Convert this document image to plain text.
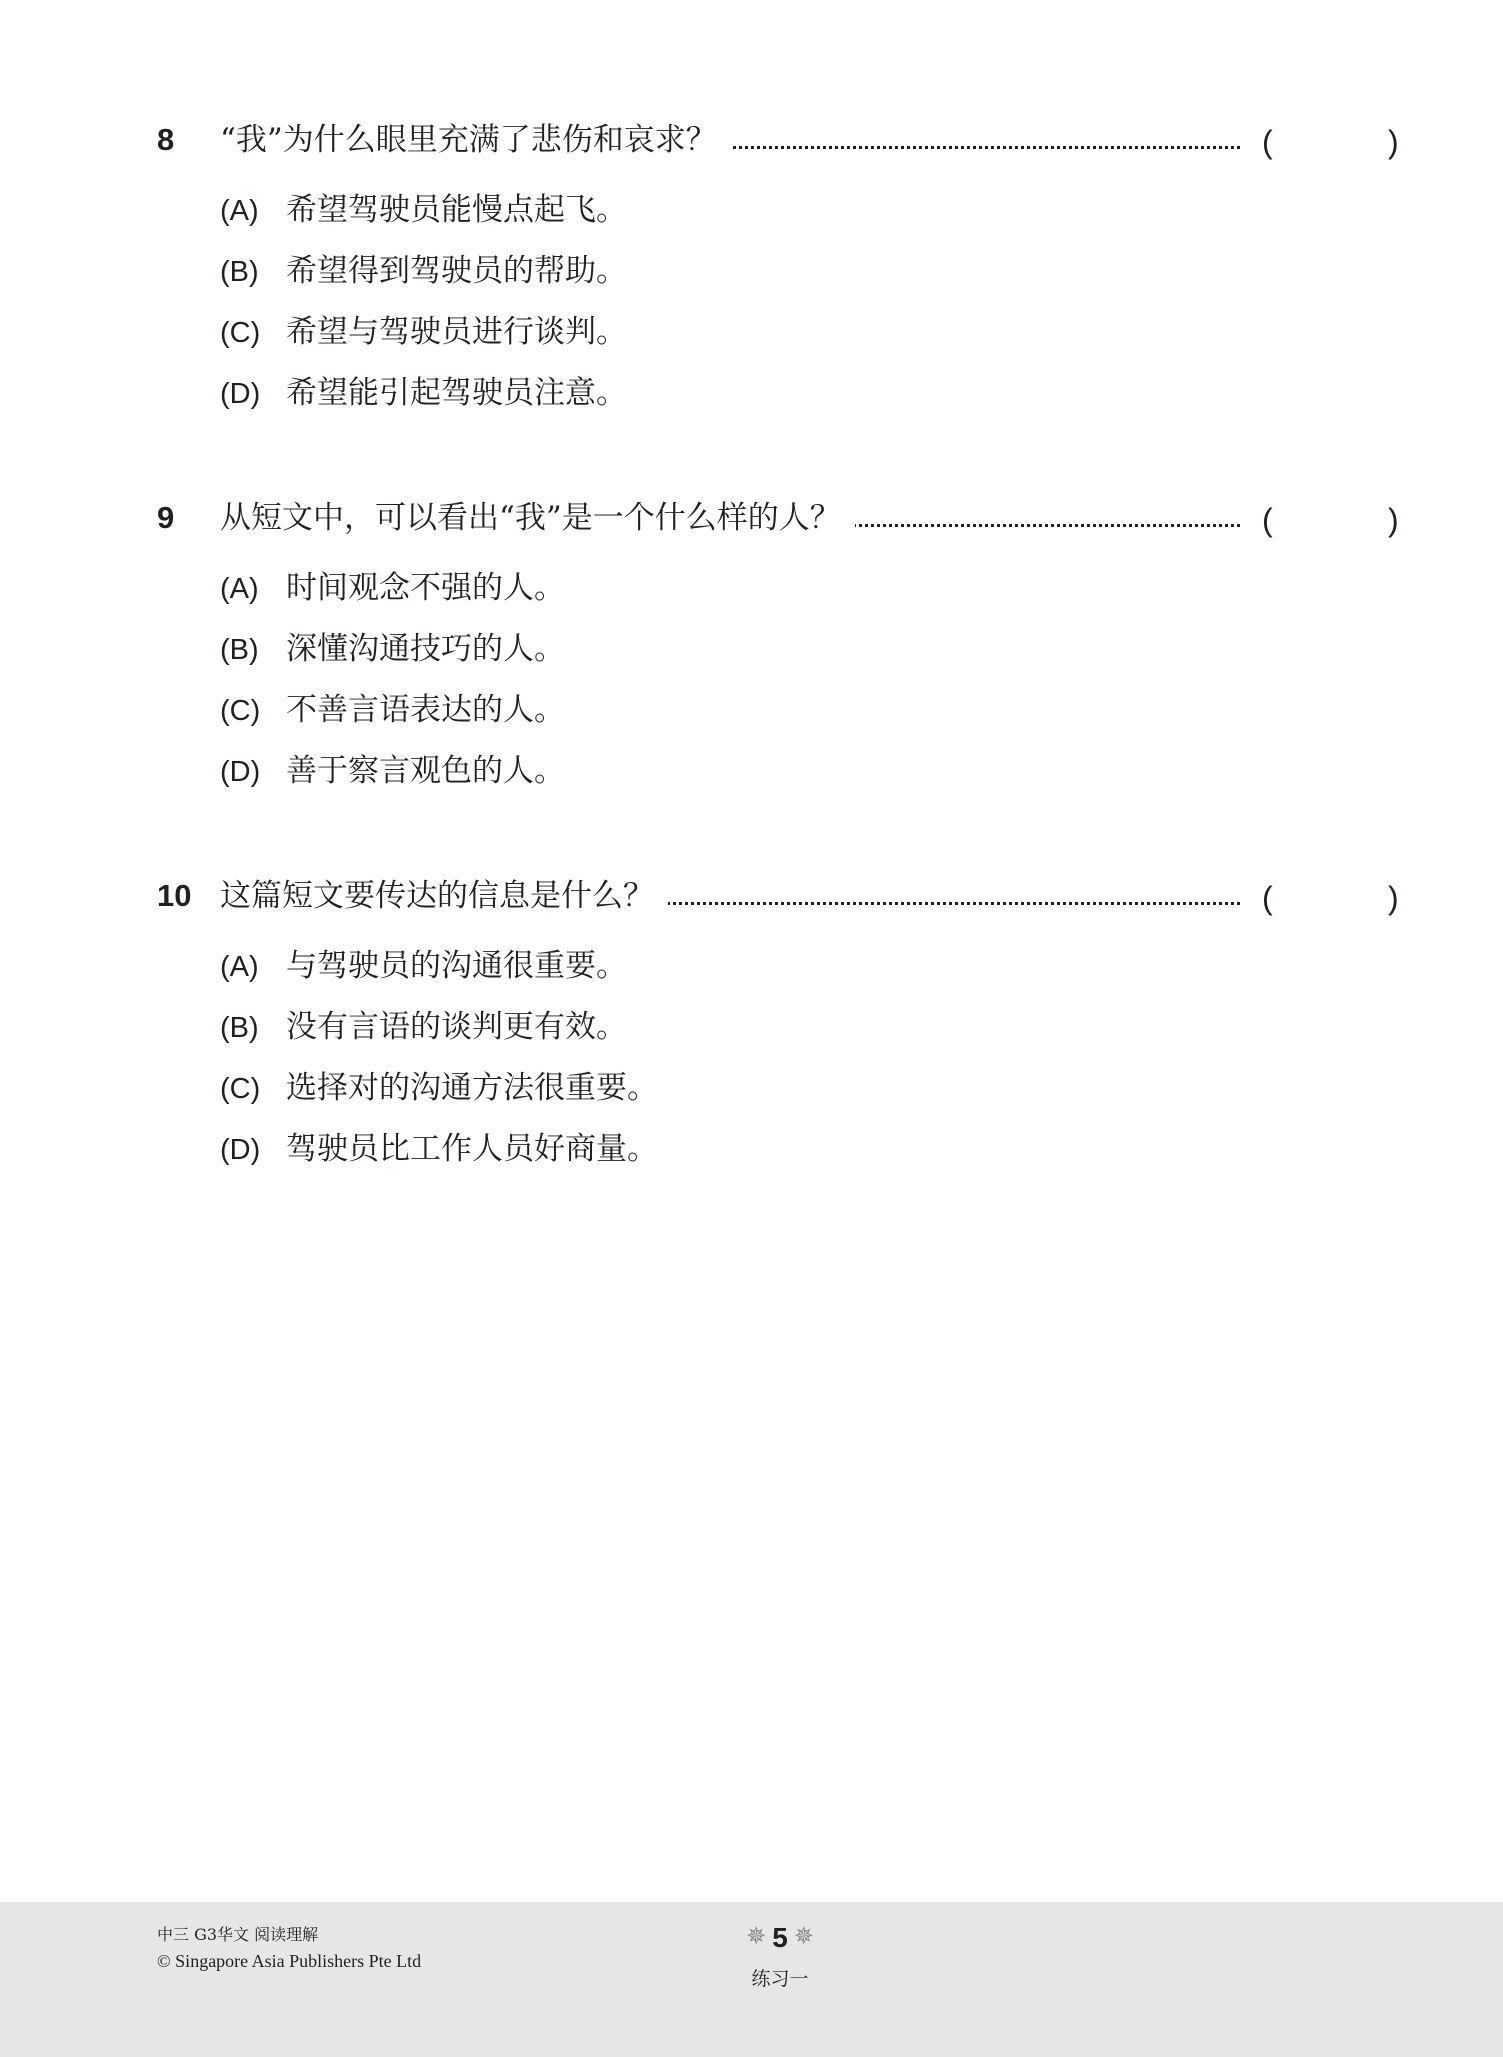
8 “我”为什么眼里充满了悲伤和哀求？	(	)
(A) 希望驾驶员能慢点起飞。
(B) 希望得到驾驶员的帮助。
(C) 希望与驾驶员进行谈判。
(D) 希望能引起驾驶员注意。
9 从短文中，可以看出“我”是一个什么样的人？	(	)
(A) 时间观念不强的人。
(B) 深懂沟通技巧的人。
(C) 不善言语表达的人。
(D) 善于察言观色的人。
10 这篇短文要传达的信息是什么？	(	)
(A) 与驾驶员的沟通很重要。
(B) 没有言语的谈判更有效。
(C) 选择对的沟通方法很重要。
(D) 驾驶员比工作人员好商量。
中三 G3华文 阅读理解
© Singapore Asia Publishers Pte Ltd
✵ 5 ✵
练习一
